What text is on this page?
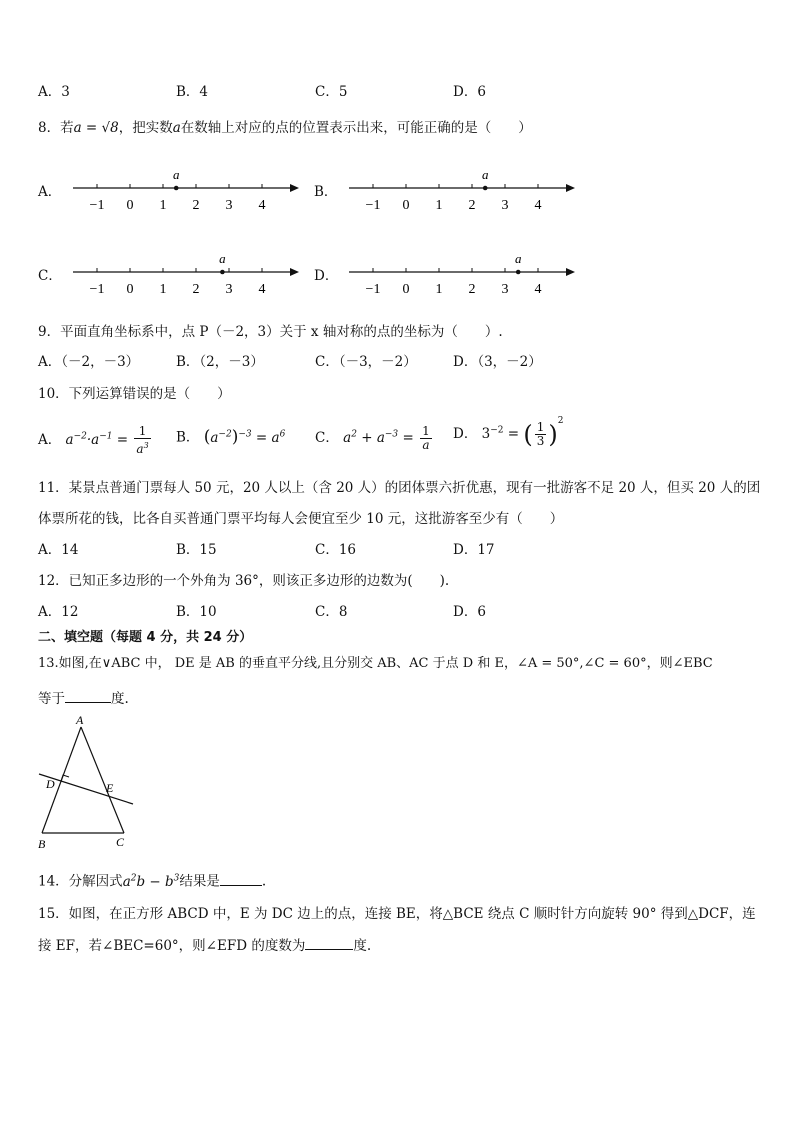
A．3	B．4	C．5	D．6
8．若a = √8，把实数a在数轴上对应的点的位置表示出来，可能正确的是（　　）
A．	B．
C．	D．
−1 0 1 2 3 4
a
−1 0 1 2 3 4
a
−1 0 1 2 3 4
a
−1 0 1 2 3 4
a
9．平面直角坐标系中，点 P（－2，3）关于 x 轴对称的点的坐标为（　　）.
A．（－2，－3）	B．（2，－3）	C．（－3，－2）	D．（3，－2）
10．下列运算错误的是（　　）
A． $a^{-2}\cdot a^{-1} = \frac{1}{a^3}$ B． $(a^{-2})^{-3} = a^6$ C． $a^2 + a^{-3} = \frac{1}{a}$ D． $3^{-2}$ = ( $\frac{1}{3} )^2$
11．某景点普通门票每人 50 元，20 人以上（含 20 人）的团体票六折优惠，现有一批游客不足 20 人，但买 20 人的团
体票所花的钱，比各自买普通门票平均每人会便宜至少 10 元，这批游客至少有（　　）
A．14	B．15	C．16	D．17
12．已知正多边形的一个外角为 36°，则该正多边形的边数为(　　).
A．12	B．10	C．8	D．6
二、填空题（每题 4 分，共 24 分）
13.如图,在∨ABC 中， DE 是 AB 的垂直平分线,且分别交 AB、AC 于点 D 和 E，∠A = 50°,∠C = 60°，则∠EBC
等于	度.
A
D	E
B	C
14．分解因式$a^2b - b^3$结果是	.
15．如图，在正方形 ABCD 中，E 为 DC 边上的点，连接 BE，将△BCE 绕点 C 顺时针方向旋转 90° 得到△DCF，连
接 EF，若∠BEC=60°，则∠EFD 的度数为	度.
